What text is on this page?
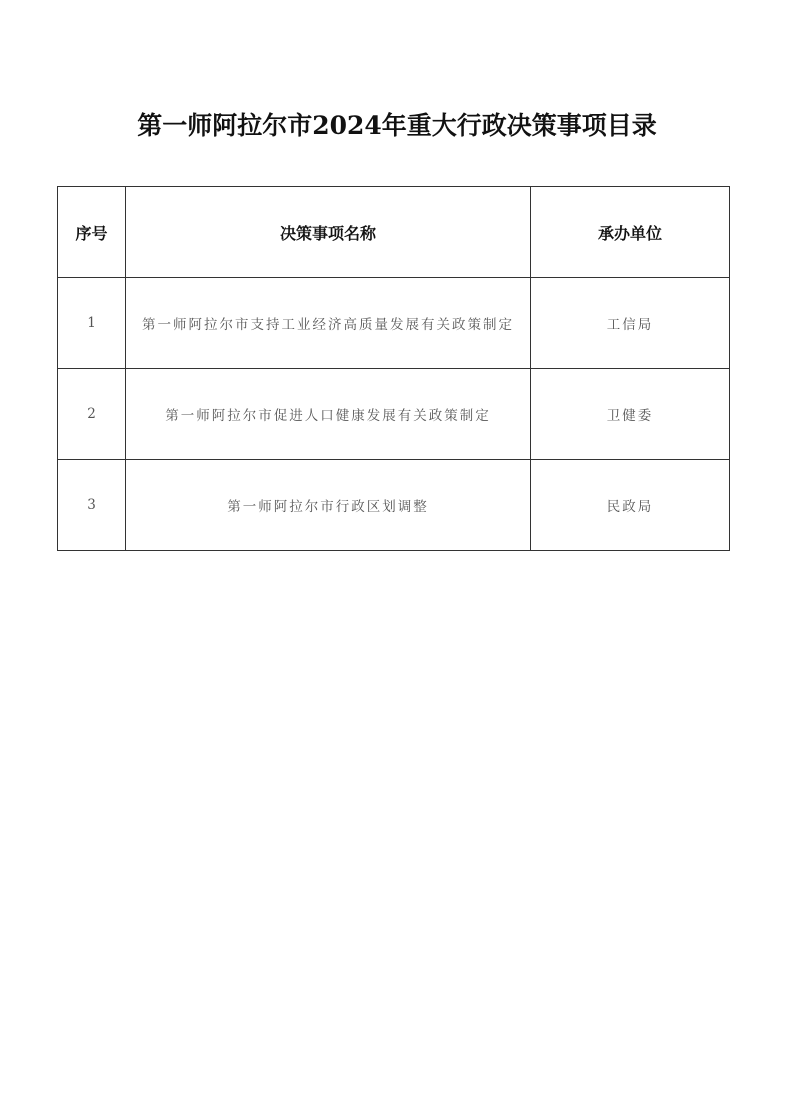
第一师阿拉尔市2024年重大行政决策事项目录
序号	决策事项名称	承办单位
1	第一师阿拉尔市支持工业经济高质量发展有关政策制定	工信局
2	第一师阿拉尔市促进人口健康发展有关政策制定	卫健委
3	第一师阿拉尔市行政区划调整	民政局
